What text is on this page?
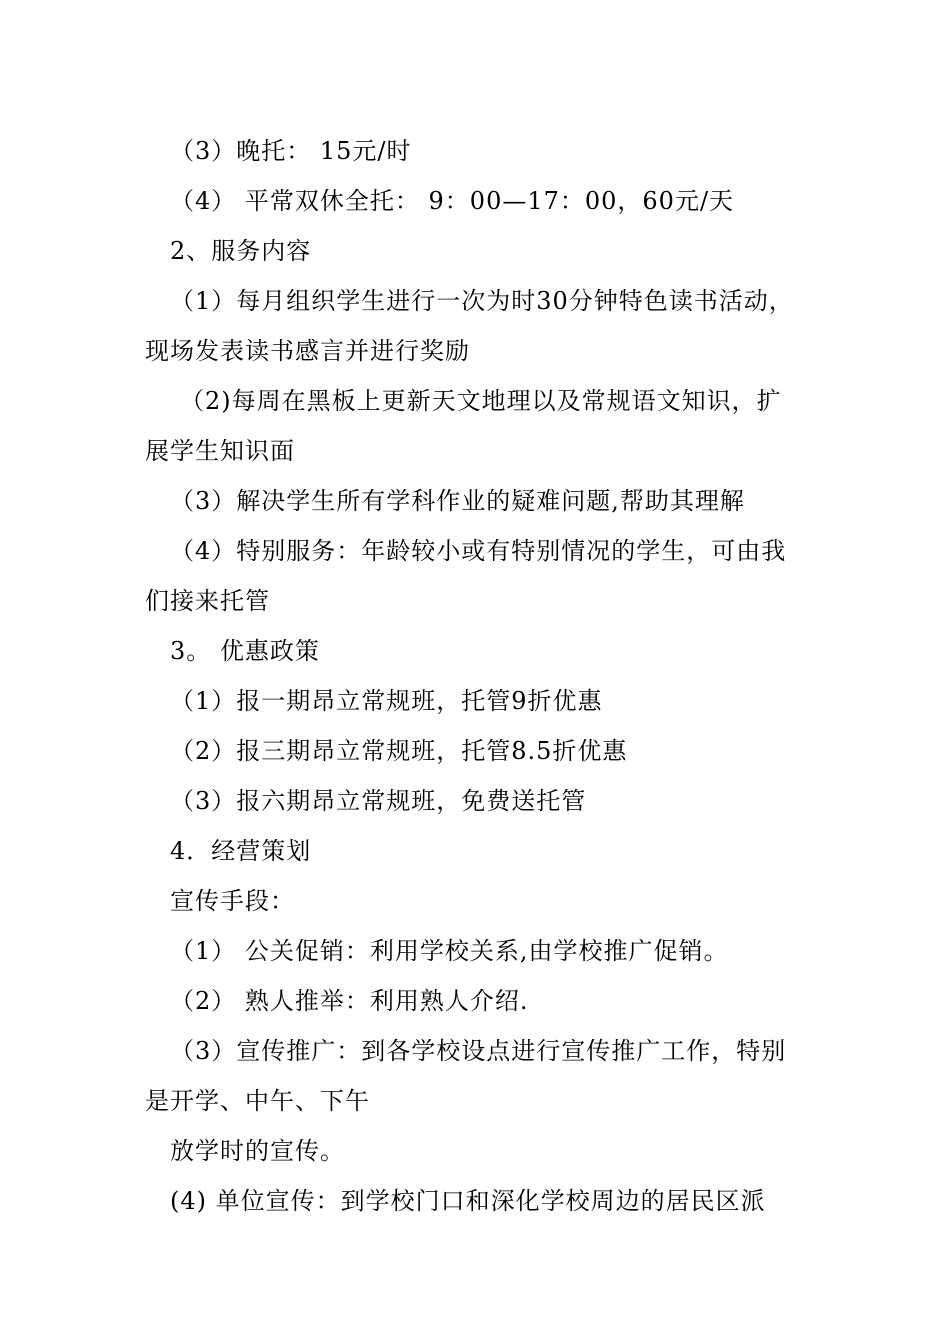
（3）晚托： 15元/时
（4） 平常双休全托： 9：00—17：00，60元/天
2、服务内容
（1）每月组织学生进行一次为时30分钟特色读书活动，
现场发表读书感言并进行奖励
（2)每周在黑板上更新天文地理以及常规语文知识，扩
展学生知识面
（3）解决学生所有学科作业的疑难问题,帮助其理解
（4）特别服务：年龄较小或有特别情况的学生，可由我
们接来托管
3。 优惠政策
（1）报一期昂立常规班，托管9折优惠
（2）报三期昂立常规班，托管8.5折优惠
（3）报六期昂立常规班，免费送托管
4．经营策划
宣传手段：
（1） 公关促销：利用学校关系,由学校推广促销。
（2） 熟人推举：利用熟人介绍.
（3）宣传推广：到各学校设点进行宣传推广工作，特别
是开学、中午、下午
放学时的宣传。
(4) 单位宣传：到学校门口和深化学校周边的居民区派
